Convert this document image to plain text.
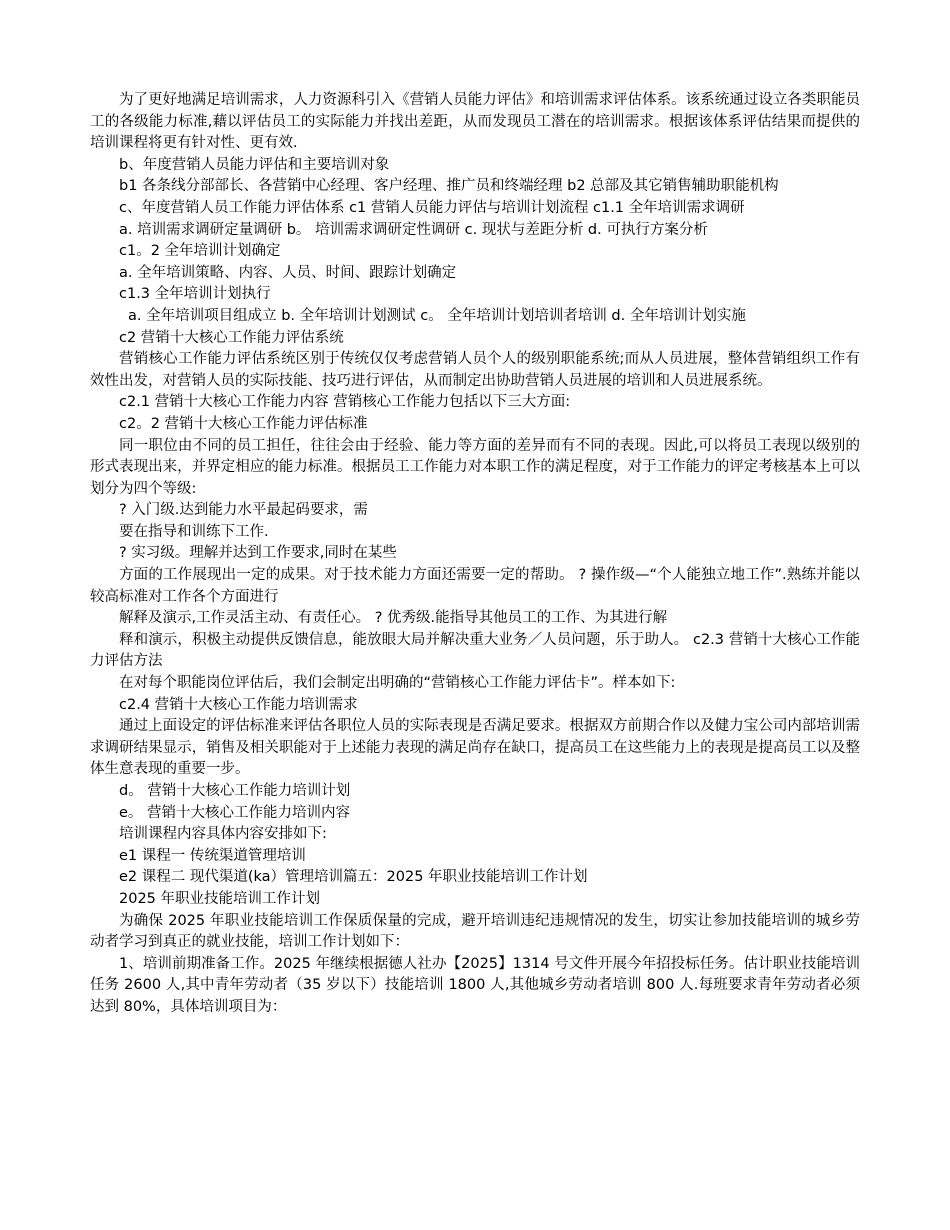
为了更好地满足培训需求，人力资源科引入《营销人员能力评估》和培训需求评估体系。该系统通过设立各类职能员工的各级能力标准,藉以评估员工的实际能力并找出差距，从而发现员工潜在的培训需求。根据该体系评估结果而提供的培训课程将更有针对性、更有效.

b、年度营销人员能力评估和主要培训对象

b1 各条线分部部长、各营销中心经理、客户经理、推广员和终端经理 b2 总部及其它销售辅助职能机构

c、年度营销人员工作能力评估体系 c1 营销人员能力评估与培训计划流程 c1.1 全年培训需求调研

a. 培训需求调研定量调研 b。 培训需求调研定性调研 c. 现状与差距分析 d. 可执行方案分析

c1。2 全年培训计划确定

a. 全年培训策略、内容、人员、时间、跟踪计划确定

c1.3 全年培训计划执行

a. 全年培训项目组成立 b. 全年培训计划测试 c。 全年培训计划培训者培训 d. 全年培训计划实施

c2 营销十大核心工作能力评估系统

营销核心工作能力评估系统区别于传统仅仅考虑营销人员个人的级别职能系统;而从人员进展，整体营销组织工作有效性出发，对营销人员的实际技能、技巧进行评估，从而制定出协助营销人员进展的培训和人员进展系统。

c2.1 营销十大核心工作能力内容 营销核心工作能力包括以下三大方面:

c2。2 营销十大核心工作能力评估标准

同一职位由不同的员工担任，往往会由于经验、能力等方面的差异而有不同的表现。因此,可以将员工表现以级别的形式表现出来，并界定相应的能力标准。根据员工工作能力对本职工作的满足程度，对于工作能力的评定考核基本上可以划分为四个等级:

? 入门级.达到能力水平最起码要求，需

要在指导和训练下工作.

? 实习级。理解并达到工作要求,同时在某些

方面的工作展现出一定的成果。对于技术能力方面还需要一定的帮助。 ? 操作级—“个人能独立地工作”.熟练并能以较高标准对工作各个方面进行

解释及演示,工作灵活主动、有责任心。 ? 优秀级.能指导其他员工的工作、为其进行解

释和演示，积极主动提供反馈信息，能放眼大局并解决重大业务／人员问题，乐于助人。 c2.3 营销十大核心工作能力评估方法

在对每个职能岗位评估后，我们会制定出明确的“营销核心工作能力评估卡”。样本如下:

c2.4 营销十大核心工作能力培训需求

通过上面设定的评估标准来评估各职位人员的实际表现是否满足要求。根据双方前期合作以及健力宝公司内部培训需求调研结果显示，销售及相关职能对于上述能力表现的满足尚存在缺口，提高员工在这些能力上的表现是提高员工以及整体生意表现的重要一步。

d。 营销十大核心工作能力培训计划

e。 营销十大核心工作能力培训内容

培训课程内容具体内容安排如下:

e1 课程一 传统渠道管理培训

e2 课程二 现代渠道(ka）管理培训篇五：2025 年职业技能培训工作计划

2025 年职业技能培训工作计划

为确保 2025 年职业技能培训工作保质保量的完成，避开培训违纪违规情况的发生，切实让参加技能培训的城乡劳动者学习到真正的就业技能，培训工作计划如下：

1、培训前期准备工作。2025 年继续根据德人社办【2025】1314 号文件开展今年招投标任务。估计职业技能培训任务 2600 人,其中青年劳动者（35 岁以下）技能培训 1800 人,其他城乡劳动者培训 800 人.每班要求青年劳动者必须达到 80%，具体培训项目为：
